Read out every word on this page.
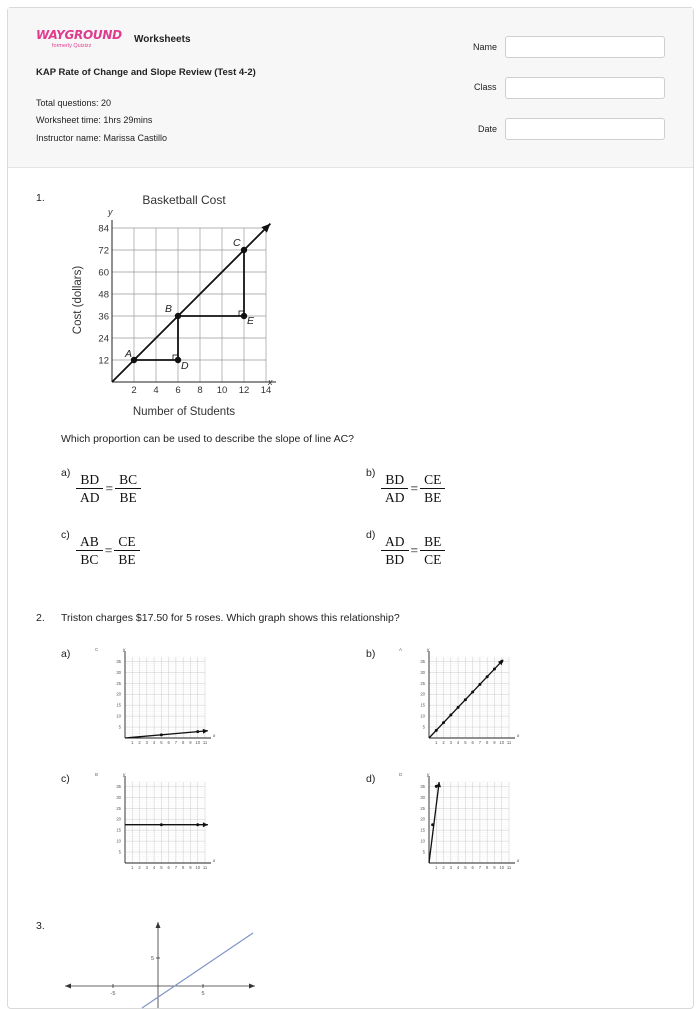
WAYGROUND
formerly Quizizz
Worksheets
KAP Rate of Change and Slope Review (Test 4-2)
Total questions: 20
Worksheet time: 1hrs 29mins
Instructor name: Marissa Castillo
Name
Class
Date
1.	Basketball Cost
y
x
Number of Students
Cost (dollars)
2 4 6 8 10 12 14
12
24
36
48
60
72
84
A
B
C
D
E
Which proportion can be used to describe the slope of line AC?
$a) \frac{BD}{AD} = \frac{BC}{BE}$	$b) \frac{BD}{AD} = \frac{CE}{BE}$
$c) \frac{AB}{BC} = \frac{CE}{BE}$	$d) \frac{AD}{BD} = \frac{BE}{CE}$
2. Triston charges $17.50 for 5 roses. Which graph shows this relationship?
a)	C
x
y
1 2 3 4 5 6 7 8 9 10 11
5
10
15
20
25
30
35
b)	A
x
y
1 2 3 4 5 6 7 8 9 10 11
5
10
15
20
25
30
35
c)	B
x
y
1 2 3 4 5 6 7 8 9 10 11
5
10
15
20
25
30
35
d)	D
x
y
1 2 3 4 5 6 7 8 9 10 11
5
10
15
20
25
30
35
3.
-5	5
5
